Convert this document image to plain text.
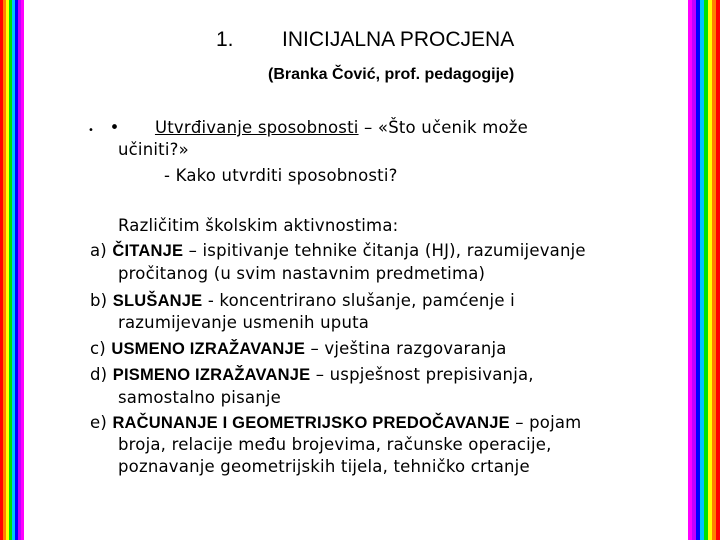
1. INICIJALNA PROCJENA
(Branka Čović, prof. pedagogije)
• • Utvrđivanje sposobnosti – «Što učenik može
učiniti?»
- Kako utvrditi sposobnosti?
Različitim školskim aktivnostima:
a) ČITANJE – ispitivanje tehnike čitanja (HJ), razumijevanje
pročitanog (u svim nastavnim predmetima)
b) SLUŠANJE - koncentrirano slušanje, pamćenje i
razumijevanje usmenih uputa
c) USMENO IZRAŽAVANJE – vještina razgovaranja
d) PISMENO IZRAŽAVANJE – uspješnost prepisivanja,
samostalno pisanje
e) RAČUNANJE I GEOMETRIJSKO PREDOČAVANJE – pojam
broja, relacije među brojevima, računske operacije,
poznavanje geometrijskih tijela, tehničko crtanje
